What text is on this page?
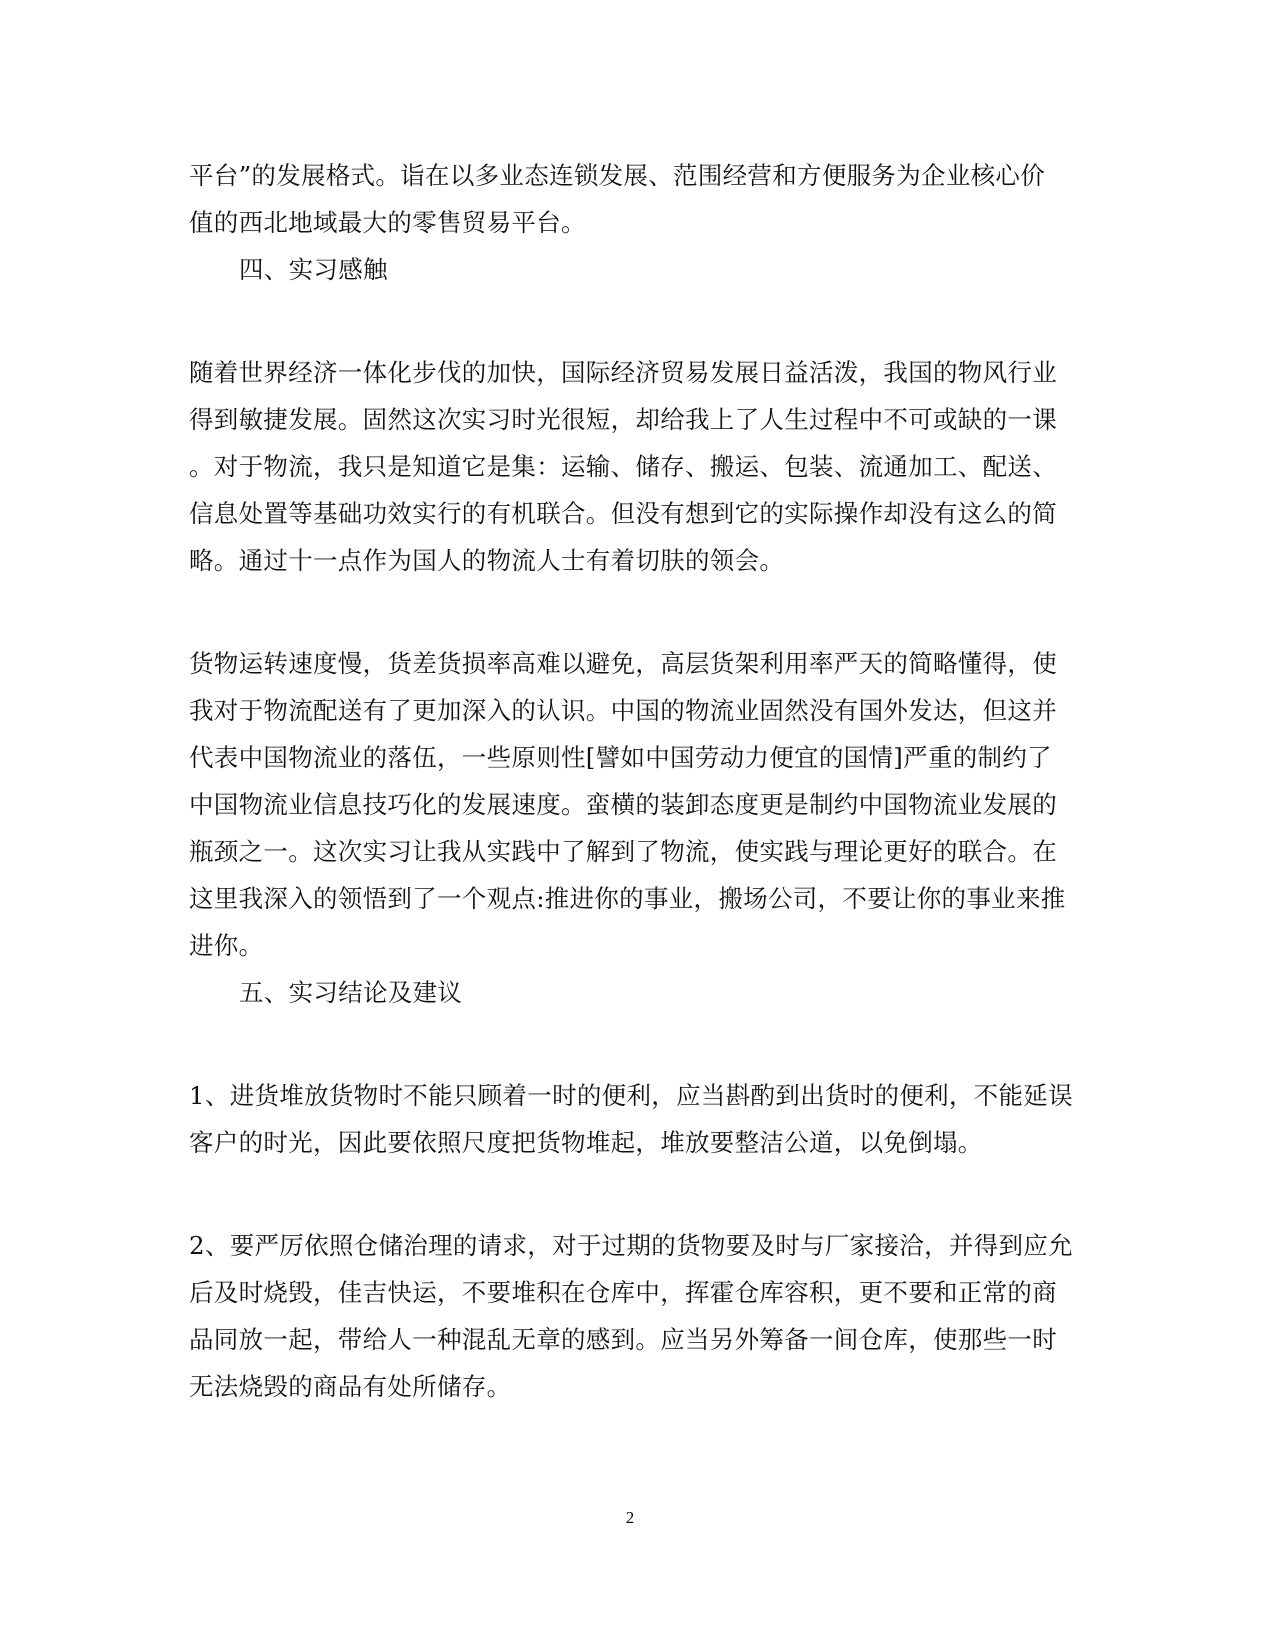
平台”的发展格式。诣在以多业态连锁发展、范围经营和方便服务为企业核心价
值的西北地域最大的零售贸易平台。
四、实习感触
随着世界经济一体化步伐的加快，国际经济贸易发展日益活泼，我国的物风行业
得到敏捷发展。固然这次实习时光很短，却给我上了人生过程中不可或缺的一课
。对于物流，我只是知道它是集：运输、储存、搬运、包装、流通加工、配送、
信息处置等基础功效实行的有机联合。但没有想到它的实际操作却没有这么的简
略。通过十一点作为国人的物流人士有着切肤的领会。
货物运转速度慢，货差货损率高难以避免，高层货架利用率严天的简略懂得，使
我对于物流配送有了更加深入的认识。中国的物流业固然没有国外发达，但这并
代表中国物流业的落伍，一些原则性[譬如中国劳动力便宜的国情]严重的制约了
中国物流业信息技巧化的发展速度。蛮横的装卸态度更是制约中国物流业发展的
瓶颈之一。这次实习让我从实践中了解到了物流，使实践与理论更好的联合。在
这里我深入的领悟到了一个观点:推进你的事业，搬场公司，不要让你的事业来推
进你。
五、实习结论及建议
1、进货堆放货物时不能只顾着一时的便利，应当斟酌到出货时的便利，不能延误
客户的时光，因此要依照尺度把货物堆起，堆放要整洁公道，以免倒塌。
2、要严厉依照仓储治理的请求，对于过期的货物要及时与厂家接洽，并得到应允
后及时烧毁，佳吉快运，不要堆积在仓库中，挥霍仓库容积，更不要和正常的商
品同放一起，带给人一种混乱无章的感到。应当另外筹备一间仓库，使那些一时
无法烧毁的商品有处所储存。
2
